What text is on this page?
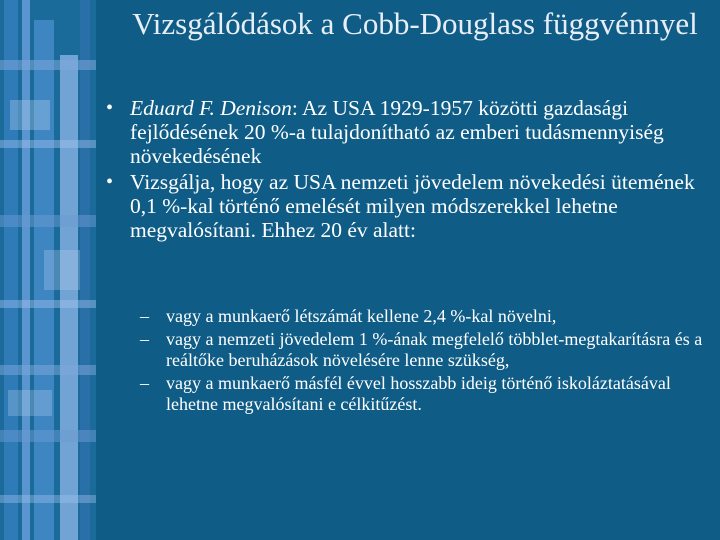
Vizsgálódások a Cobb-Douglass függvénnyel
• Eduard F. Denison: Az USA 1929-1957 közötti gazdasági fejlődésének 20 %-a tulajdonítható az emberi tudásmennyiség növekedésének
• Vizsgálja, hogy az USA nemzeti jövedelem növekedési ütemének 0,1 %-kal történő emelését milyen módszerekkel lehetne megvalósítani. Ehhez 20 év alatt:
– vagy a munkaerő létszámát kellene 2,4 %-kal növelni,
– vagy a nemzeti jövedelem 1 %-ának megfelelő többlet-megtakarításra és a reáltőke beruházások növelésére lenne szükség,
– vagy a munkaerő másfél évvel hosszabb ideig történő iskoláztatásával lehetne megvalósítani e célkitűzést.
